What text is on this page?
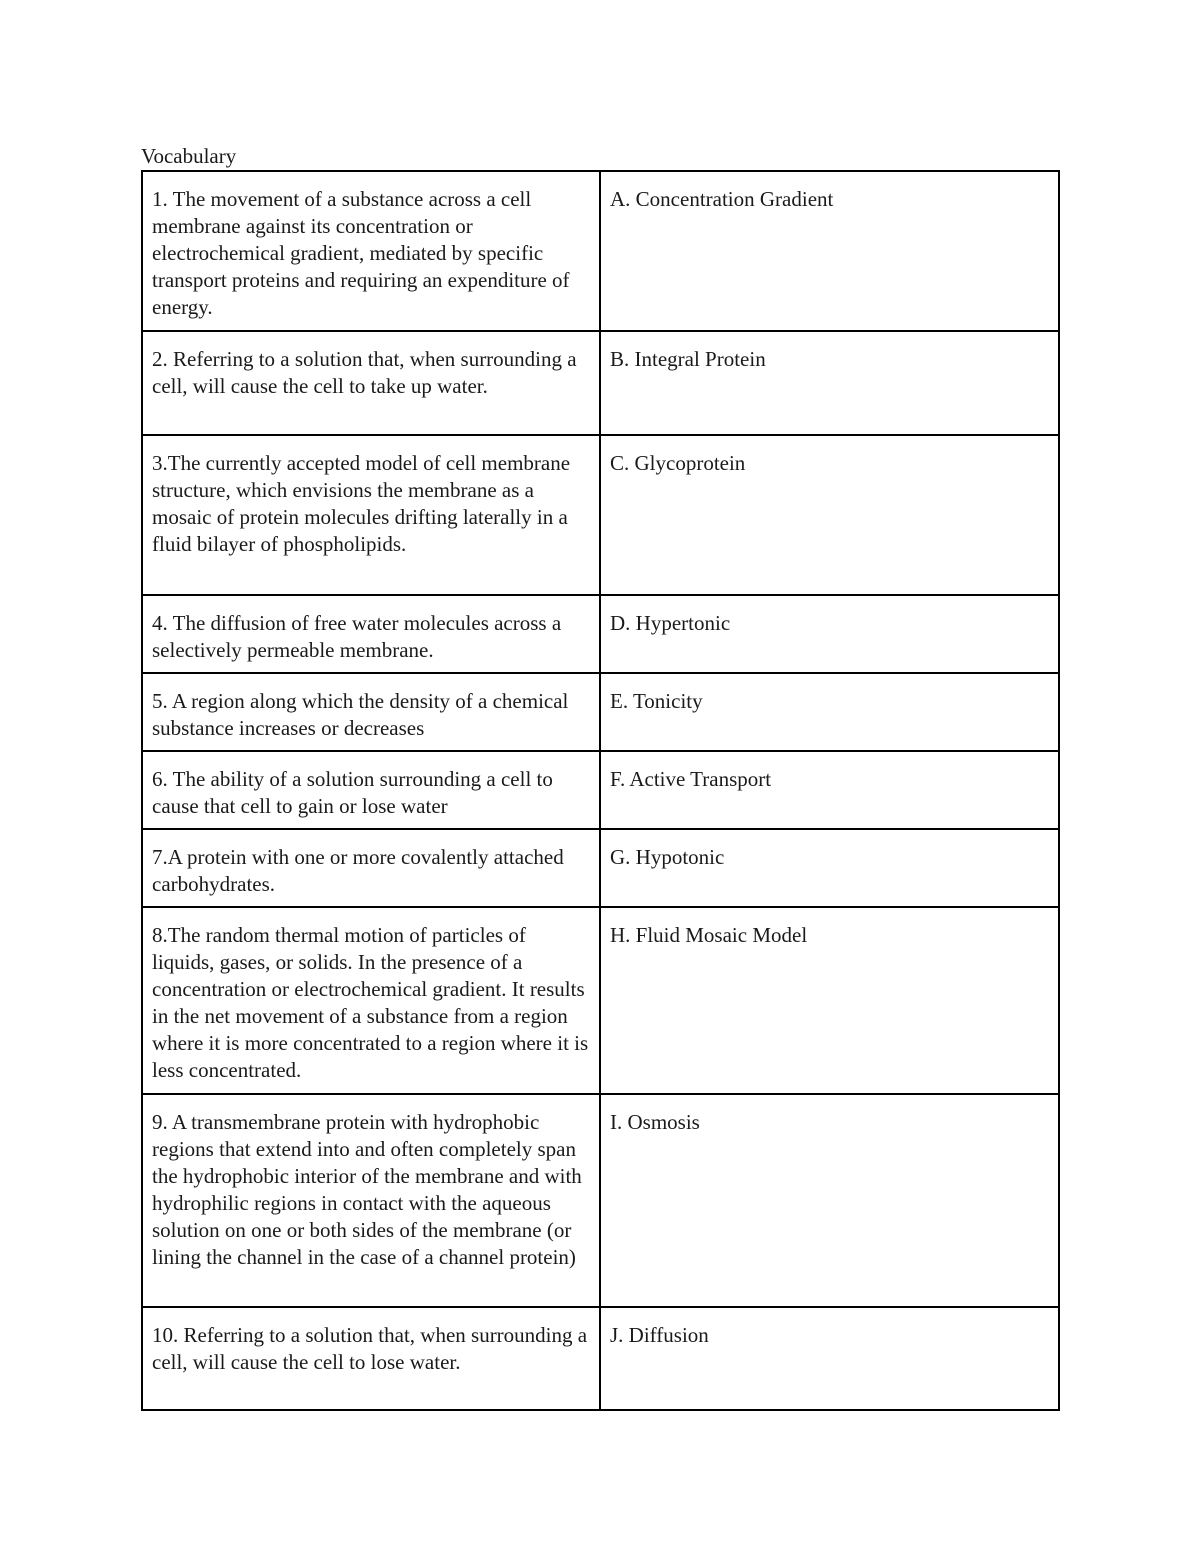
Vocabulary
1. The movement of a substance across a cell membrane against its concentration or electrochemical gradient, mediated by specific transport proteins and requiring an expenditure of energy.	A. Concentration Gradient
2. Referring to a solution that, when surrounding a cell, will cause the cell to take up water.	B. Integral Protein
3.The currently accepted model of cell membrane structure, which envisions the membrane as a mosaic of protein molecules drifting laterally in a fluid bilayer of phospholipids.	C. Glycoprotein
4. The diffusion of free water molecules across a selectively permeable membrane.	D. Hypertonic
5. A region along which the density of a chemical substance increases or decreases	E. Tonicity
6. The ability of a solution surrounding a cell to cause that cell to gain or lose water	F. Active Transport
7.A protein with one or more covalently attached carbohydrates.	G. Hypotonic
8.The random thermal motion of particles of liquids, gases, or solids. In the presence of a concentration or electrochemical gradient. It results in the net movement of a substance from a region where it is more concentrated to a region where it is less concentrated.	H. Fluid Mosaic Model
9. A transmembrane protein with hydrophobic regions that extend into and often completely span the hydrophobic interior of the membrane and with hydrophilic regions in contact with the aqueous solution on one or both sides of the membrane (or lining the channel in the case of a channel protein)	I. Osmosis
10. Referring to a solution that, when surrounding a cell, will cause the cell to lose water.	J. Diffusion
